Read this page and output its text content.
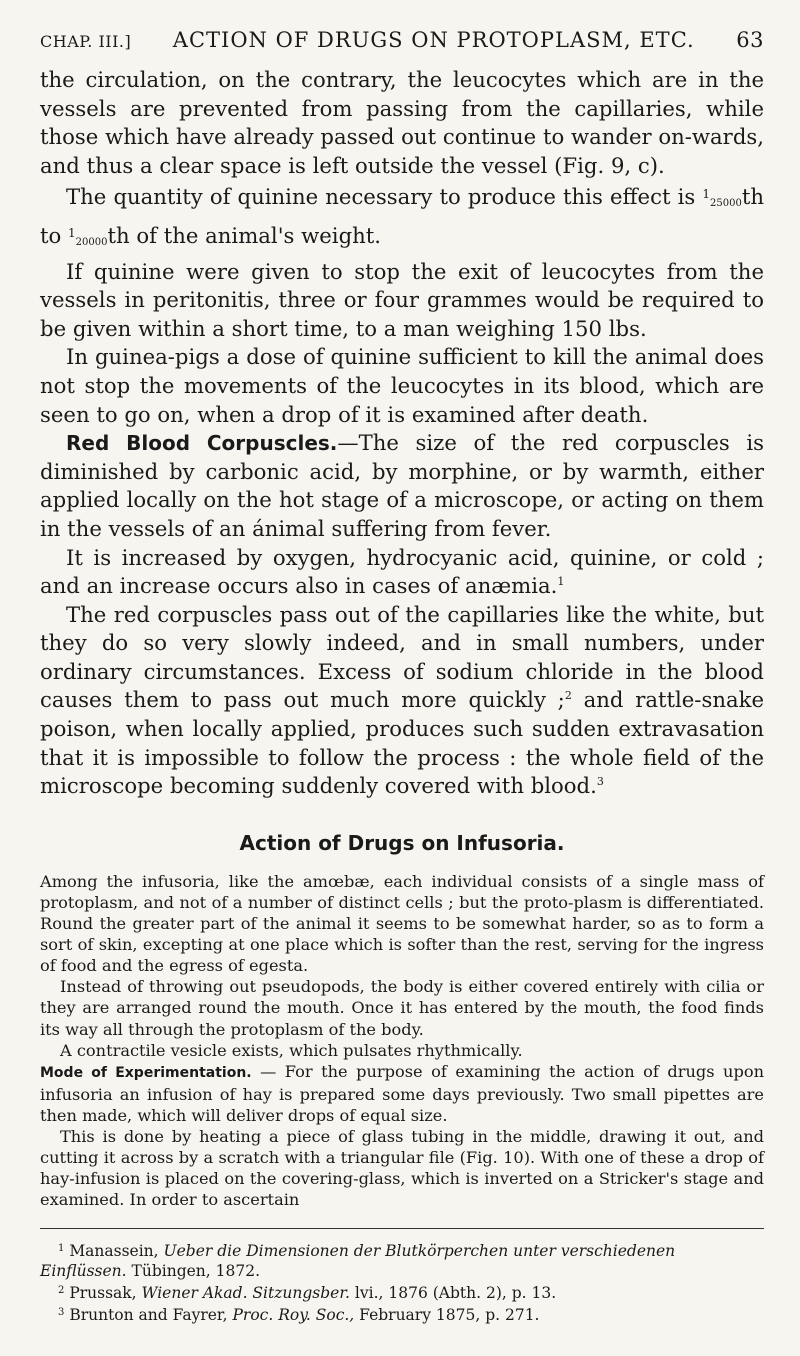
CHAP. III.]	ACTION OF DRUGS ON PROTOPLASM, ETC.	63

the circulation, on the contrary, the leucocytes which are in the vessels are prevented from passing from the capillaries, while those which have already passed out continue to wander on-wards, and thus a clear space is left outside the vessel (Fig. 9, c).

The quantity of quinine necessary to produce this effect is $^1$25000th to $^1$20000th of the animal's weight.

If quinine were given to stop the exit of leucocytes from the vessels in peritonitis, three or four grammes would be required to be given within a short time, to a man weighing 150 lbs.

In guinea-pigs a dose of quinine sufficient to kill the animal does not stop the movements of the leucocytes in its blood, which are seen to go on, when a drop of it is examined after death.

Red Blood Corpuscles.—The size of the red corpuscles is diminished by carbonic acid, by morphine, or by warmth, either applied locally on the hot stage of a microscope, or acting on them in the vessels of an ánimal suffering from fever.

It is increased by oxygen, hydrocyanic acid, quinine, or cold ; and an increase occurs also in cases of anæmia.$^1$

The red corpuscles pass out of the capillaries like the white, but they do so very slowly indeed, and in small numbers, under ordinary circumstances. Excess of sodium chloride in the blood causes them to pass out much more quickly ;$^2$ and rattle-snake poison, when locally applied, produces such sudden extravasation that it is impossible to follow the process : the whole field of the microscope becoming suddenly covered with blood.$^3$

Action of Drugs on Infusoria.

Among the infusoria, like the amœbæ, each individual consists of a single mass of protoplasm, and not of a number of distinct cells ; but the proto-plasm is differentiated. Round the greater part of the animal it seems to be somewhat harder, so as to form a sort of skin, excepting at one place which is softer than the rest, serving for the ingress of food and the egress of egesta.

Instead of throwing out pseudopods, the body is either covered entirely with cilia or they are arranged round the mouth. Once it has entered by the mouth, the food finds its way all through the protoplasm of the body.

A contractile vesicle exists, which pulsates rhythmically.

Mode of Experimentation. — For the purpose of examining the action of drugs upon infusoria an infusion of hay is prepared some days previously. Two small pipettes are then made, which will deliver drops of equal size.

This is done by heating a piece of glass tubing in the middle, drawing it out, and cutting it across by a scratch with a triangular file (Fig. 10). With one of these a drop of hay-infusion is placed on the covering-glass, which is inverted on a Stricker's stage and examined. In order to ascertain

$^1$ Manassein, Ueber die Dimensionen der Blutkörperchen unter verschiedenen Einflüssen. Tübingen, 1872.

$^2$ Prussak, Wiener Akad. Sitzungsber. lvi., 1876 (Abth. 2), p. 13.

$^3$ Brunton and Fayrer, Proc. Roy. Soc., February 1875, p. 271.
